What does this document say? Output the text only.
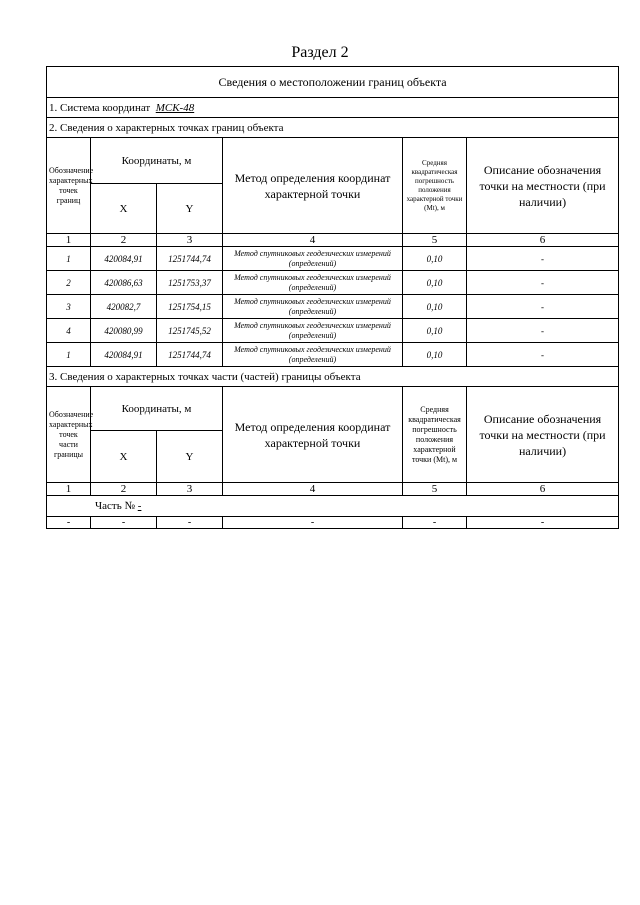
Раздел 2
Сведения о местоположении границ объекта					
1. Система координат МСК-48					
2. Сведения о характерных точках границ объекта					
Обозначение характерных точек границ	Координаты, м		Метод определения координат характерной точки	Средняя квадратическая погрешность положения характерной точки (Mt), м	Описание обозначения точки на местности (при наличии)
	X	Y			
1	2	3	4	5	6
1	420084,91	1251744,74	Метод спутниковых геодезических измерений (определений)	0,10	-
2	420086,63	1251753,37	Метод спутниковых геодезических измерений (определений)	0,10	-
3	420082,7	1251754,15	Метод спутниковых геодезических измерений (определений)	0,10	-
4	420080,99	1251745,52	Метод спутниковых геодезических измерений (определений)	0,10	-
1	420084,91	1251744,74	Метод спутниковых геодезических измерений (определений)	0,10	-
3. Сведения о характерных точках части (частей) границы объекта					
Обозначение характерных точек части границы	Координаты, м		Метод определения координат характерной точки	Средняя квадратическая погрешность положения характерной точки (Mt), м	Описание обозначения точки на местности (при наличии)
	X	Y			
1	2	3	4	5	6
Часть № -					
-	-	-	-	-	-
